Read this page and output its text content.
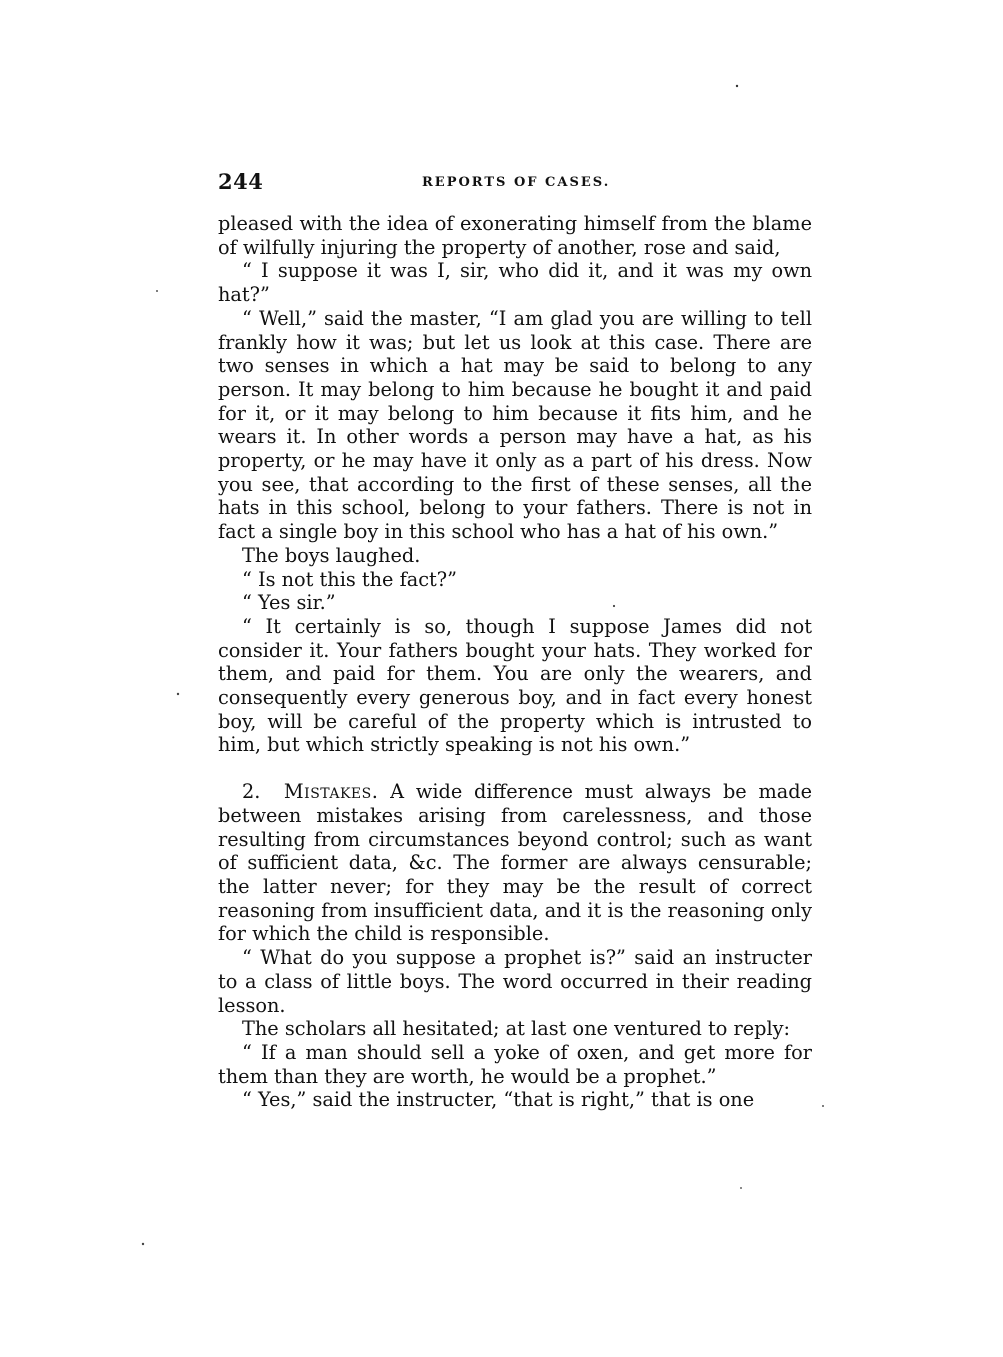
244	REPORTS OF CASES.

pleased with the idea of exonerating himself from the blame of wilfully injuring the property of another, rose and said,

“ I suppose it was I, sir, who did it, and it was my own hat?”

“ Well,” said the master, “I am glad you are willing to tell frankly how it was; but let us look at this case. There are two senses in which a hat may be said to belong to any person. It may belong to him because he bought it and paid for it, or it may belong to him because it fits him, and he wears it. In other words a person may have a hat, as his property, or he may have it only as a part of his dress. Now you see, that according to the first of these senses, all the hats in this school, belong to your fathers. There is not in fact a single boy in this school who has a hat of his own.”

The boys laughed.

“ Is not this the fact?”

“ Yes sir.”

“ It certainly is so, though I suppose James did not consider it. Your fathers bought your hats. They worked for them, and paid for them. You are only the wearers, and consequently every generous boy, and in fact every honest boy, will be careful of the property which is intrusted to him, but which strictly speaking is not his own.”

2. Mistakes. A wide difference must always be made between mistakes arising from carelessness, and those resulting from circumstances beyond control; such as want of sufficient data, &c. The former are always censurable; the latter never; for they may be the result of correct reasoning from insufficient data, and it is the reasoning only for which the child is responsible.

“ What do you suppose a prophet is?” said an instructer to a class of little boys. The word occurred in their reading lesson.

The scholars all hesitated; at last one ventured to reply:

“ If a man should sell a yoke of oxen, and get more for them than they are worth, he would be a prophet.”

“ Yes,” said the instructer, “that is right,” that is one
